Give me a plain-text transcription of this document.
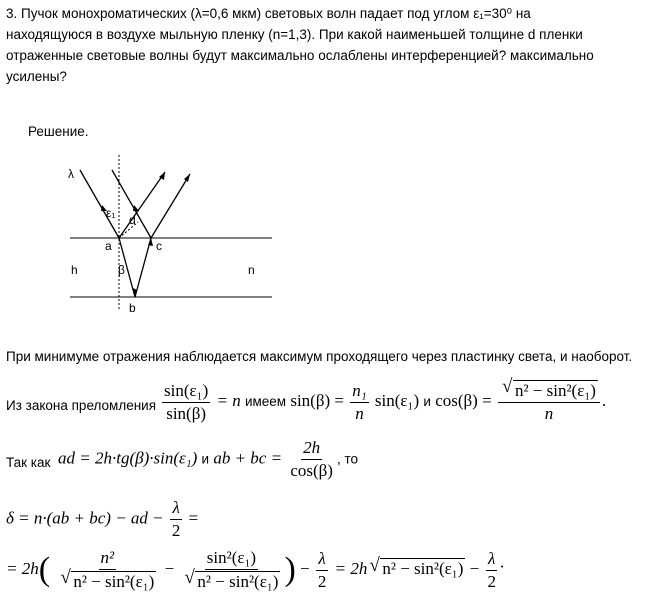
3. Пучок монохроматических (λ=0,6 мкм) световых волн падает под углом ε₁=30⁰ на
находящуюся в воздухе мыльную пленку (n=1,3). При какой наименьшей толщине d пленки
отраженные световые волны будут максимально ослаблены интерференцией? максимально
усилены?
Решение.
λ
ε₁ d
a	c
h	β	n
b
При минимуме отражения наблюдается максимум проходящего через пластинку света, и наоборот.
Из закона преломления $\frac{\text{sin(ε₁)}}{\sin(\beta)} = n$ имеем $\sin(\beta) = \frac{\text{n₁}}{n} \sin(\varepsilon_1)$ и cos(β) =
√ $\frac{\text{n² − sin²(ε₁)}}{n}$ .
Так как ad = 2h·tg(β)·sin(ε₁) и ab + bc = $\frac{2h}{\cos(\beta)}$ , то
δ = n·(ab + bc) − ad − $\frac{\lambda}{2}$ =
= 2h( n²
√ n² − sin²(ε₁) − sin²(ε₁)
√ n² − sin²(ε₁) ) − $\frac{\lambda}{2} = 2h√$ $n^2 - \sin^2(\varepsilon_1) - \frac{\lambda}{2}$ .
